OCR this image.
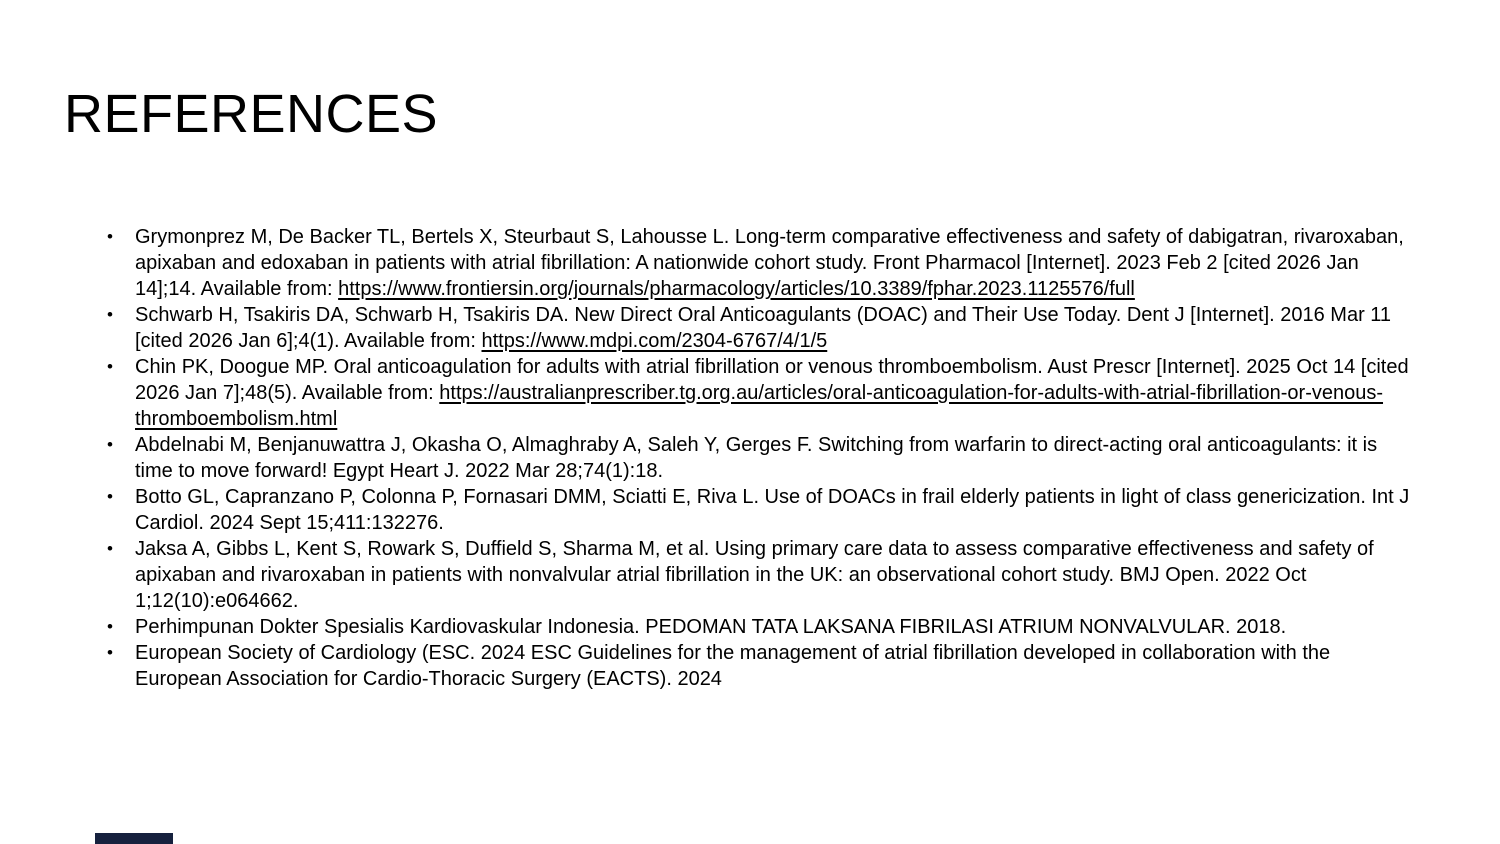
REFERENCES
•	Grymonprez M, De Backer TL, Bertels X, Steurbaut S, Lahousse L. Long-term comparative effectiveness and safety of dabigatran, rivaroxaban, apixaban and edoxaban in patients with atrial fibrillation: A nationwide cohort study. Front Pharmacol [Internet]. 2023 Feb 2 [cited 2026 Jan 14];14. Available from: https://www.frontiersin.org/journals/pharmacology/articles/10.3389/fphar.2023.1125576/full
•	Schwarb H, Tsakiris DA, Schwarb H, Tsakiris DA. New Direct Oral Anticoagulants (DOAC) and Their Use Today. Dent J [Internet]. 2016 Mar 11 [cited 2026 Jan 6];4(1). Available from: https://www.mdpi.com/2304-6767/4/1/5
•	Chin PK, Doogue MP. Oral anticoagulation for adults with atrial fibrillation or venous thromboembolism. Aust Prescr [Internet]. 2025 Oct 14 [cited 2026 Jan 7];48(5). Available from: https://australianprescriber.tg.org.au/articles/oral-anticoagulation-for-adults-with-atrial-fibrillation-or-venous-thromboembolism.html
•	Abdelnabi M, Benjanuwattra J, Okasha O, Almaghraby A, Saleh Y, Gerges F. Switching from warfarin to direct-acting oral anticoagulants: it is time to move forward! Egypt Heart J. 2022 Mar 28;74(1):18.
•	Botto GL, Capranzano P, Colonna P, Fornasari DMM, Sciatti E, Riva L. Use of DOACs in frail elderly patients in light of class genericization. Int J Cardiol. 2024 Sept 15;411:132276.
•	Jaksa A, Gibbs L, Kent S, Rowark S, Duffield S, Sharma M, et al. Using primary care data to assess comparative effectiveness and safety of apixaban and rivaroxaban in patients with nonvalvular atrial fibrillation in the UK: an observational cohort study. BMJ Open. 2022 Oct 1;12(10):e064662.
•	Perhimpunan Dokter Spesialis Kardiovaskular Indonesia. PEDOMAN TATA LAKSANA FIBRILASI ATRIUM NONVALVULAR. 2018.
•	European Society of Cardiology (ESC. 2024 ESC Guidelines for the management of atrial fibrillation developed in collaboration with the European Association for Cardio-Thoracic Surgery (EACTS). 2024
